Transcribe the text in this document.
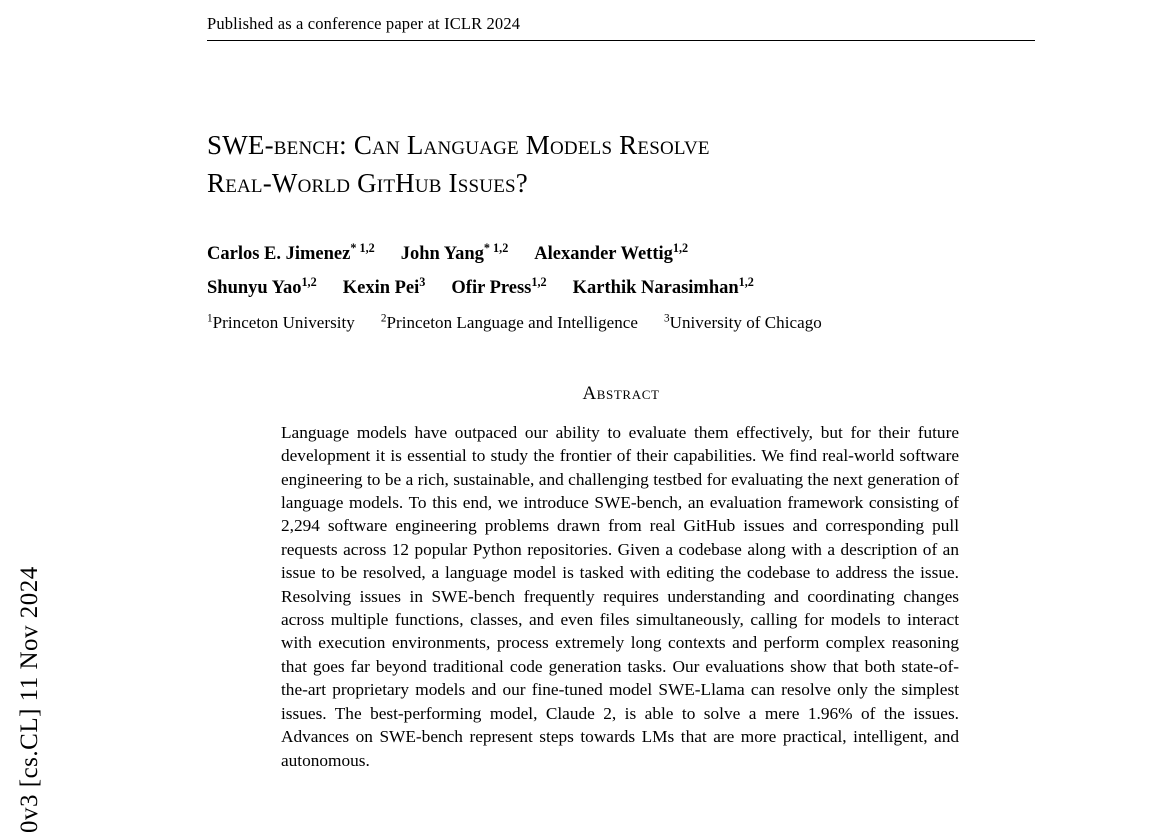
0v3 [cs.CL] 11 Nov 2024
Published as a conference paper at ICLR 2024
SWE-bench: Can Language Models Resolve
Real-World GitHub Issues?
Carlos E. Jimenez$^{* 1,2}$ John Yang$^{* 1,2}$ Alexander Wettig$^{1,2}$
Shunyu Yao$^{1,2}$ Kexin Pei$^3$ Ofir Press$^{1,2}$ Karthik Narasimhan$^{1,2}$
$^1$Princeton University $^2$Princeton Language and Intelligence $^3$University of Chicago
Abstract
Language models have outpaced our ability to evaluate them effectively, but for their future development it is essential to study the frontier of their capabilities. We find real-world software engineering to be a rich, sustainable, and challenging testbed for evaluating the next generation of language models. To this end, we introduce SWE-bench, an evaluation framework consisting of 2,294 software engineering problems drawn from real GitHub issues and corresponding pull requests across 12 popular Python repositories. Given a codebase along with a description of an issue to be resolved, a language model is tasked with editing the codebase to address the issue. Resolving issues in SWE-bench frequently requires understanding and coordinating changes across multiple functions, classes, and even files simultaneously, calling for models to interact with execution environments, process extremely long contexts and perform complex reasoning that goes far beyond traditional code generation tasks. Our evaluations show that both state-of-the-art proprietary models and our fine-tuned model SWE-Llama can resolve only the simplest issues. The best-performing model, Claude 2, is able to solve a mere 1.96% of the issues. Advances on SWE-bench represent steps towards LMs that are more practical, intelligent, and autonomous.
